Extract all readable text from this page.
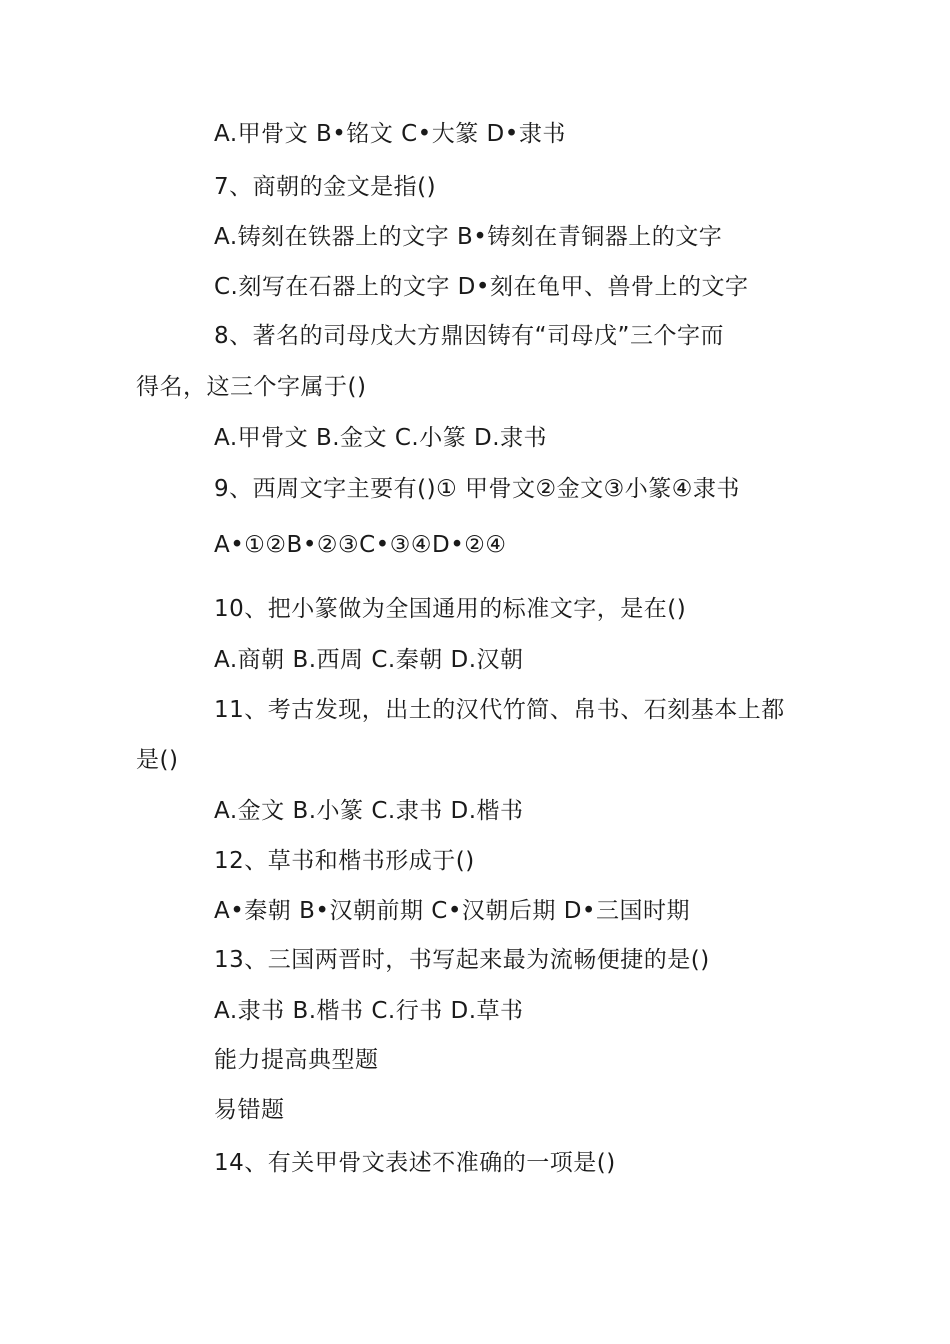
A.甲骨文 B•铭文 C•大篆 D•隶书
7、商朝的金文是指()
A.铸刻在铁器上的文字 B•铸刻在青铜器上的文字
C.刻写在石器上的文字 D•刻在龟甲、兽骨上的文字
8、著名的司母戊大方鼎因铸有“司母戊”三个字而
得名，这三个字属于()
A.甲骨文 B.金文 C.小篆 D.隶书
9、西周文字主要有()① 甲骨文②金文③小篆④隶书
A•①②B•②③C•③④D•②④
10、把小篆做为全国通用的标准文字，是在()
A.商朝 B.西周 C.秦朝 D.汉朝
11、考古发现，出土的汉代竹简、帛书、石刻基本上都
是()
A.金文 B.小篆 C.隶书 D.楷书
12、草书和楷书形成于()
A•秦朝 B•汉朝前期 C•汉朝后期 D•三国时期
13、三国两晋时，书写起来最为流畅便捷的是()
A.隶书 B.楷书 C.行书 D.草书
能力提高典型题
易错题
14、有关甲骨文表述不准确的一项是()
